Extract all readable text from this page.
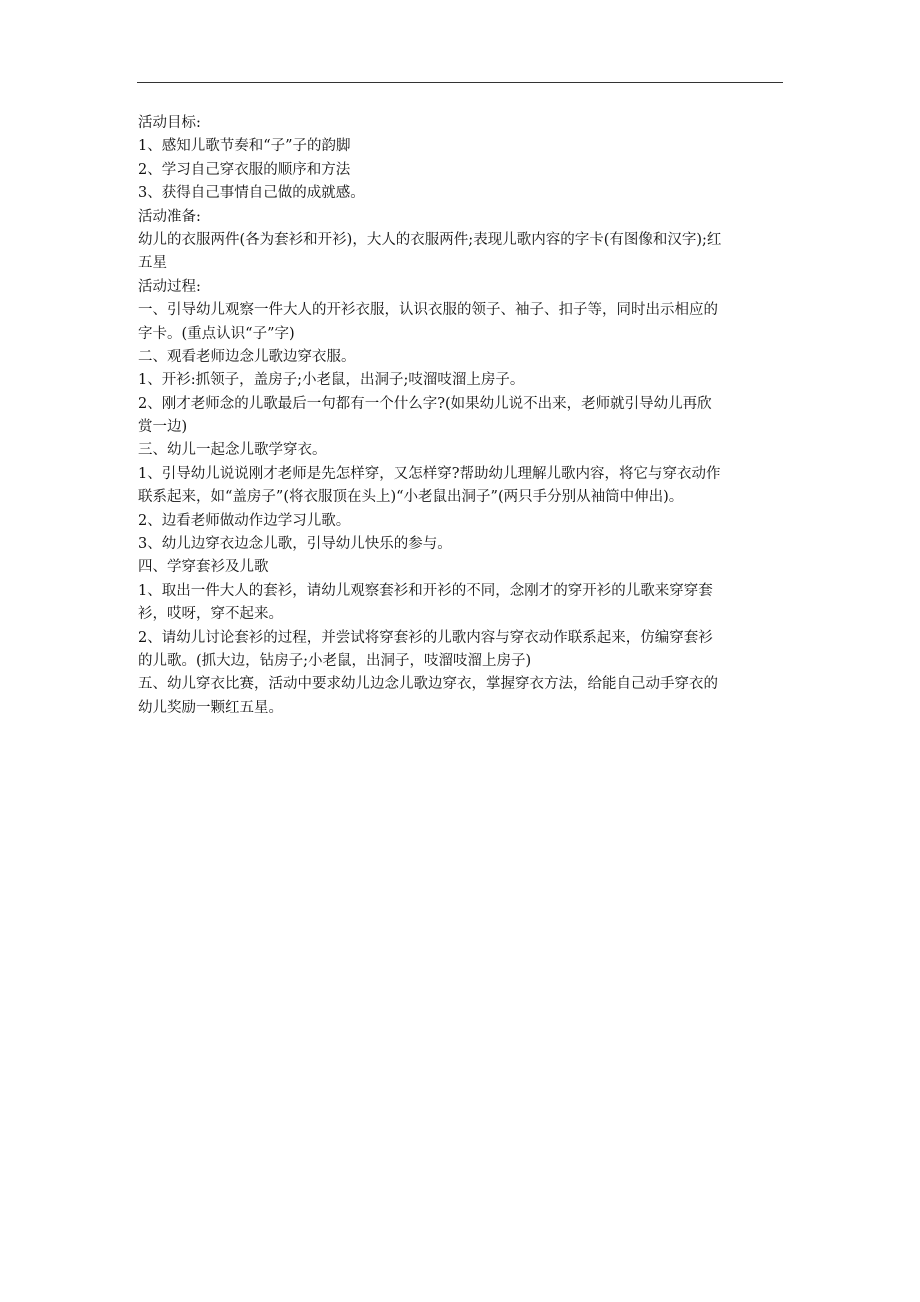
活动目标:
1、感知儿歌节奏和“子”子的韵脚
2、学习自己穿衣服的顺序和方法
3、获得自己事情自己做的成就感。
活动准备:
幼儿的衣服两件(各为套衫和开衫)，大人的衣服两件;表现儿歌内容的字卡(有图像和汉字);红
五星
活动过程:
一、引导幼儿观察一件大人的开衫衣服，认识衣服的领子、袖子、扣子等，同时出示相应的
字卡。(重点认识“子”字)
二、观看老师边念儿歌边穿衣服。
1、开衫:抓领子，盖房子;小老鼠，出洞子;吱溜吱溜上房子。
2、刚才老师念的儿歌最后一句都有一个什么字?(如果幼儿说不出来，老师就引导幼儿再欣
赏一边)
三、幼儿一起念儿歌学穿衣。
1、引导幼儿说说刚才老师是先怎样穿，又怎样穿?帮助幼儿理解儿歌内容，将它与穿衣动作
联系起来，如“盖房子”(将衣服顶在头上)“小老鼠出洞子”(两只手分别从袖筒中伸出)。
2、边看老师做动作边学习儿歌。
3、幼儿边穿衣边念儿歌，引导幼儿快乐的参与。
四、学穿套衫及儿歌
1、取出一件大人的套衫，请幼儿观察套衫和开衫的不同，念刚才的穿开衫的儿歌来穿穿套
衫，哎呀，穿不起来。
2、请幼儿讨论套衫的过程，并尝试将穿套衫的儿歌内容与穿衣动作联系起来，仿编穿套衫
的儿歌。(抓大边，钻房子;小老鼠，出洞子，吱溜吱溜上房子)
五、幼儿穿衣比赛，活动中要求幼儿边念儿歌边穿衣，掌握穿衣方法，给能自己动手穿衣的
幼儿奖励一颗红五星。
